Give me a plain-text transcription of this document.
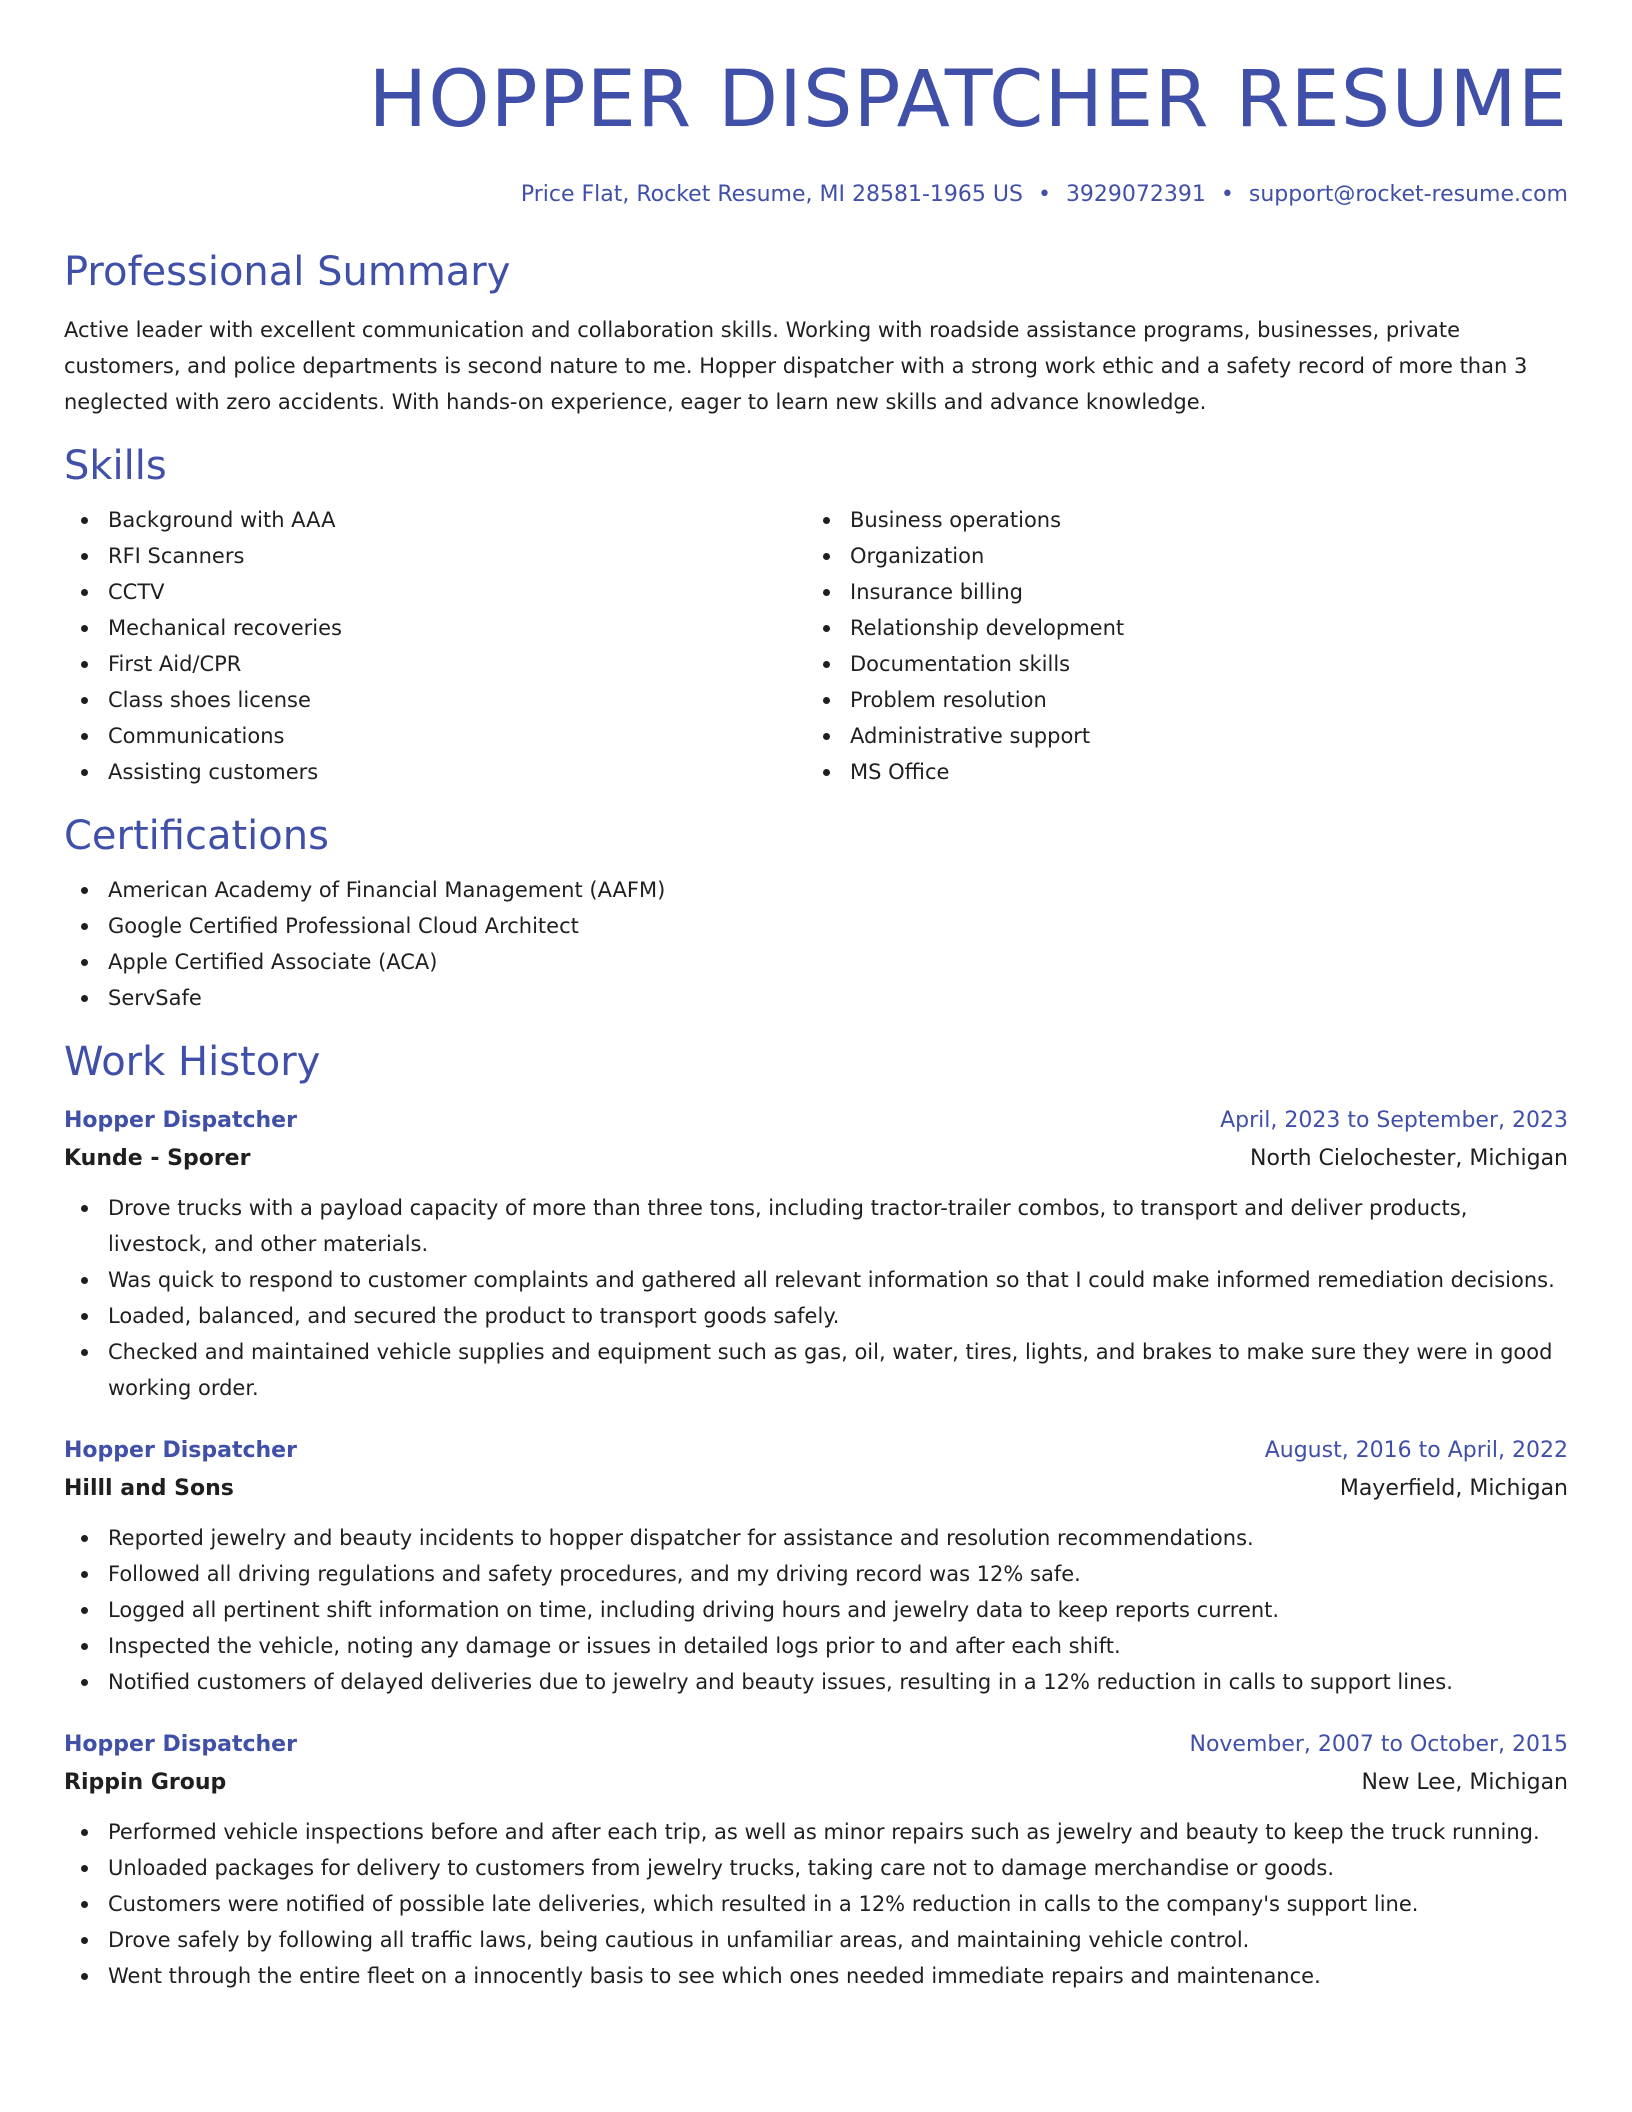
HOPPER DISPATCHER RESUME
Price Flat, Rocket Resume, MI 28581-1965 US • 3929072391 • support@rocket-resume.com
Professional Summary

Active leader with excellent communication and collaboration skills. Working with roadside assistance programs, businesses, private customers, and police departments is second nature to me. Hopper dispatcher with a strong work ethic and a safety record of more than 3 neglected with zero accidents. With hands-on experience, eager to learn new skills and advance knowledge.

Skills
Background with AAA
RFI Scanners
CCTV
Mechanical recoveries
First Aid/CPR
Class shoes license
Communications
Assisting customers
Business operations
Organization
Insurance billing
Relationship development
Documentation skills
Problem resolution
Administrative support
MS Office
Certifications
American Academy of Financial Management (AAFM)
Google Certified Professional Cloud Architect
Apple Certified Associate (ACA)
ServSafe
Work History
Hopper Dispatcher	April, 2023 to September, 2023
Kunde - Sporer	North Cielochester, Michigan
Drove trucks with a payload capacity of more than three tons, including tractor-trailer combos, to transport and deliver products, livestock, and other materials.
Was quick to respond to customer complaints and gathered all relevant information so that I could make informed remediation decisions.
Loaded, balanced, and secured the product to transport goods safely.
Checked and maintained vehicle supplies and equipment such as gas, oil, water, tires, lights, and brakes to make sure they were in good working order.
Hopper Dispatcher	August, 2016 to April, 2022
Hilll and Sons	Mayerfield, Michigan
Reported jewelry and beauty incidents to hopper dispatcher for assistance and resolution recommendations.
Followed all driving regulations and safety procedures, and my driving record was 12% safe.
Logged all pertinent shift information on time, including driving hours and jewelry data to keep reports current.
Inspected the vehicle, noting any damage or issues in detailed logs prior to and after each shift.
Notified customers of delayed deliveries due to jewelry and beauty issues, resulting in a 12% reduction in calls to support lines.
Hopper Dispatcher	November, 2007 to October, 2015
Rippin Group	New Lee, Michigan
Performed vehicle inspections before and after each trip, as well as minor repairs such as jewelry and beauty to keep the truck running.
Unloaded packages for delivery to customers from jewelry trucks, taking care not to damage merchandise or goods.
Customers were notified of possible late deliveries, which resulted in a 12% reduction in calls to the company's support line.
Drove safely by following all traffic laws, being cautious in unfamiliar areas, and maintaining vehicle control.
Went through the entire fleet on a innocently basis to see which ones needed immediate repairs and maintenance.
